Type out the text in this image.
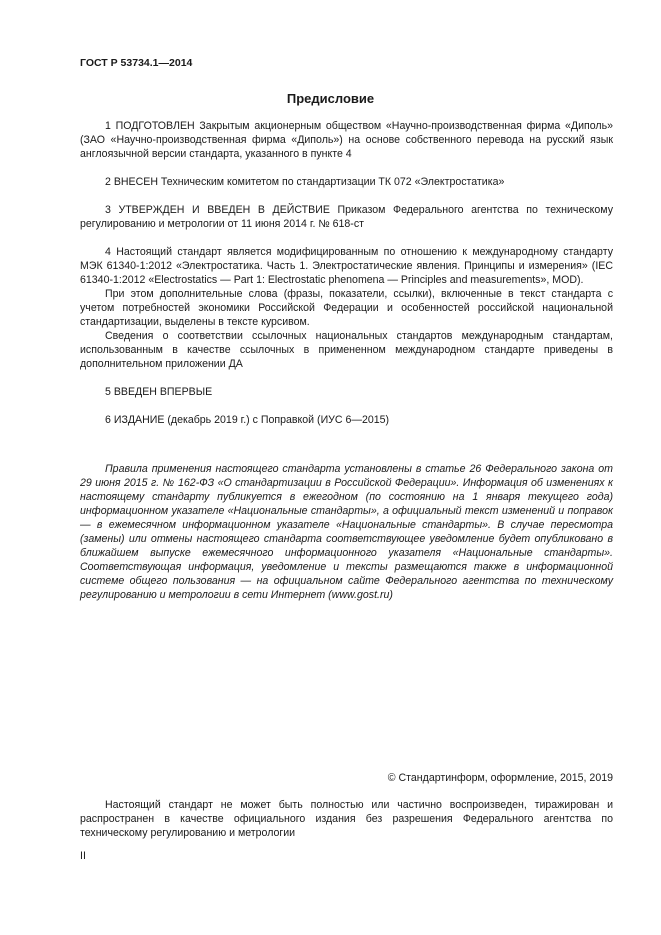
ГОСТ Р 53734.1—2014
Предисловие

1 ПОДГОТОВЛЕН Закрытым акционерным обществом «Научно-производственная фирма «Диполь» (ЗАО «Научно-производственная фирма «Диполь») на основе собственного перевода на русский язык англоязычной версии стандарта, указанного в пункте 4

2 ВНЕСЕН Техническим комитетом по стандартизации ТК 072 «Электростатика»

3 УТВЕРЖДЕН И ВВЕДЕН В ДЕЙСТВИЕ Приказом Федерального агентства по техническому регулированию и метрологии от 11 июня 2014 г. № 618-ст

4 Настоящий стандарт является модифицированным по отношению к международному стандарту МЭК 61340-1:2012 «Электростатика. Часть 1. Электростатические явления. Принципы и измерения» (IEC 61340-1:2012 «Electrostatics — Part 1: Electrostatic phenomena — Principles and measurements», MOD).

При этом дополнительные слова (фразы, показатели, ссылки), включенные в текст стандарта с учетом потребностей экономики Российской Федерации и особенностей российской национальной стандартизации, выделены в тексте курсивом.

Сведения о соответствии ссылочных национальных стандартов международным стандартам, использованным в качестве ссылочных в примененном международном стандарте приведены в дополнительном приложении ДА

5 ВВЕДЕН ВПЕРВЫЕ

6 ИЗДАНИЕ (декабрь 2019 г.) с Поправкой (ИУС 6—2015)

Правила применения настоящего стандарта установлены в статье 26 Федерального закона от 29 июня 2015 г. № 162-ФЗ «О стандартизации в Российской Федерации». Информация об изменениях к настоящему стандарту публикуется в ежегодном (по состоянию на 1 января текущего года) информационном указателе «Национальные стандарты», а официальный текст изменений и поправок — в ежемесячном информационном указателе «Национальные стандарты». В случае пересмотра (замены) или отмены настоящего стандарта соответствующее уведомление будет опубликовано в ближайшем выпуске ежемесячного информационного указателя «Национальные стандарты». Соответствующая информация, уведомление и тексты размещаются также в информационной системе общего пользования — на официальном сайте Федерального агентства по техническому регулированию и метрологии в сети Интернет (www.gost.ru)

© Стандартинформ, оформление, 2015, 2019

Настоящий стандарт не может быть полностью или частично воспроизведен, тиражирован и распространен в качестве официального издания без разрешения Федерального агентства по техническому регулированию и метрологии

II
